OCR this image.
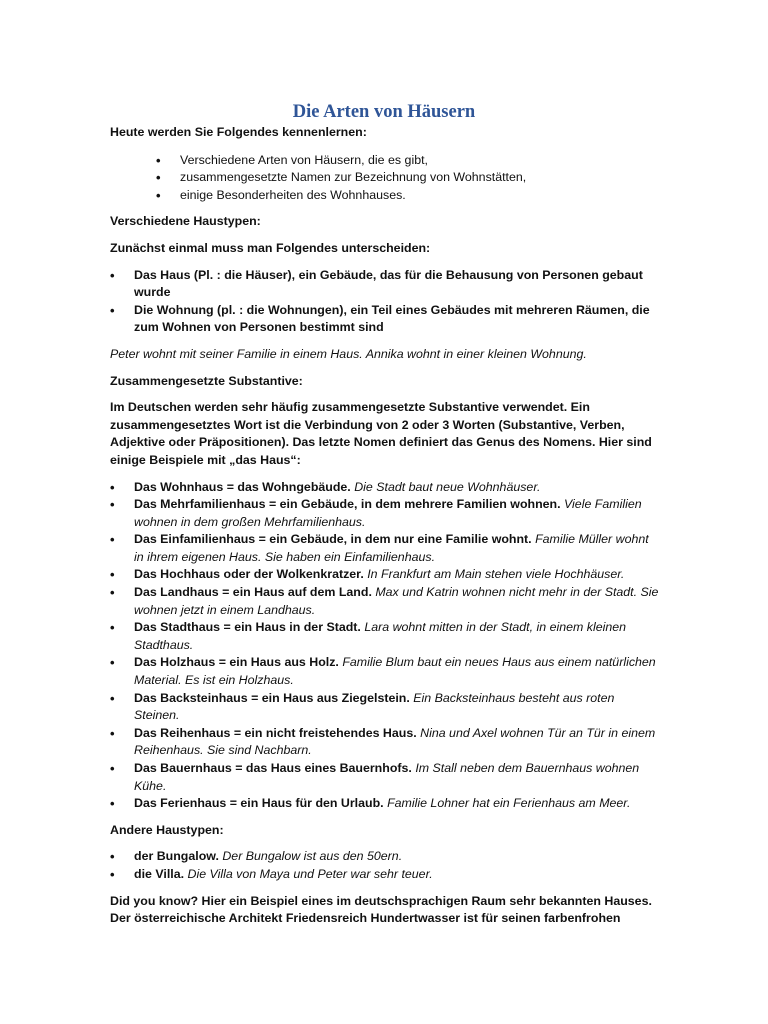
Die Arten von Häusern

Heute werden Sie Folgendes kennenlernen:

• Verschiedene Arten von Häusern, die es gibt,
• zusammengesetzte Namen zur Bezeichnung von Wohnstätten,
• einige Besonderheiten des Wohnhauses.

Verschiedene Haustypen:

Zunächst einmal muss man Folgendes unterscheiden:

• Das Haus (Pl. : die Häuser), ein Gebäude, das für die Behausung von Personen gebaut wurde
• Die Wohnung (pl. : die Wohnungen), ein Teil eines Gebäudes mit mehreren Räumen, die zum Wohnen von Personen bestimmt sind

Peter wohnt mit seiner Familie in einem Haus. Annika wohnt in einer kleinen Wohnung.

Zusammengesetzte Substantive:

Im Deutschen werden sehr häufig zusammengesetzte Substantive verwendet. Ein zusammengesetztes Wort ist die Verbindung von 2 oder 3 Worten (Substantive, Verben, Adjektive oder Präpositionen). Das letzte Nomen definiert das Genus des Nomens. Hier sind einige Beispiele mit „das Haus“:

• Das Wohnhaus = das Wohngebäude. Die Stadt baut neue Wohnhäuser.
• Das Mehrfamilienhaus = ein Gebäude, in dem mehrere Familien wohnen. Viele Familien wohnen in dem großen Mehrfamilienhaus.
• Das Einfamilienhaus = ein Gebäude, in dem nur eine Familie wohnt. Familie Müller wohnt in ihrem eigenen Haus. Sie haben ein Einfamilienhaus.
• Das Hochhaus oder der Wolkenkratzer. In Frankfurt am Main stehen viele Hochhäuser.
• Das Landhaus = ein Haus auf dem Land. Max und Katrin wohnen nicht mehr in der Stadt. Sie wohnen jetzt in einem Landhaus.
• Das Stadthaus = ein Haus in der Stadt. Lara wohnt mitten in der Stadt, in einem kleinen Stadthaus.
• Das Holzhaus = ein Haus aus Holz. Familie Blum baut ein neues Haus aus einem natürlichen Material. Es ist ein Holzhaus.
• Das Backsteinhaus = ein Haus aus Ziegelstein. Ein Backsteinhaus besteht aus roten Steinen.
• Das Reihenhaus = ein nicht freistehendes Haus. Nina und Axel wohnen Tür an Tür in einem Reihenhaus. Sie sind Nachbarn.
• Das Bauernhaus = das Haus eines Bauernhofs. Im Stall neben dem Bauernhaus wohnen Kühe.
• Das Ferienhaus = ein Haus für den Urlaub. Familie Lohner hat ein Ferienhaus am Meer.

Andere Haustypen:

• der Bungalow. Der Bungalow ist aus den 50ern.
• die Villa. Die Villa von Maya und Peter war sehr teuer.

Did you know? Hier ein Beispiel eines im deutschsprachigen Raum sehr bekannten Hauses. Der österreichische Architekt Friedensreich Hundertwasser ist für seinen farbenfrohen
